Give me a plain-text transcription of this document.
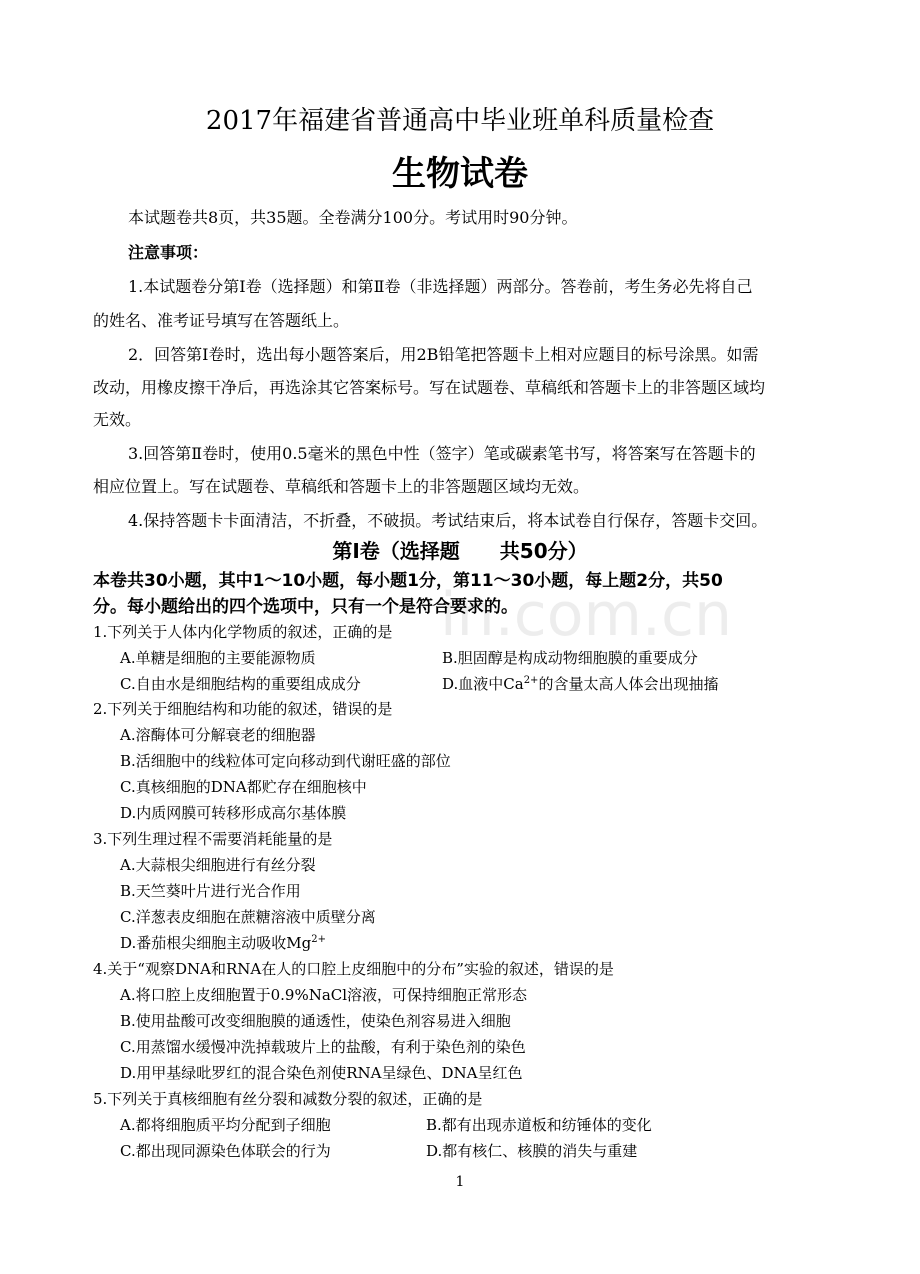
in.com.cn
2017年福建省普通高中毕业班单科质量检查
生物试卷
本试题卷共8页，共35题。全卷满分100分。考试用时90分钟。
注意事项：
1.本试题卷分第Ⅰ卷（选择题）和第Ⅱ卷（非选择题）两部分。答卷前，考生务必先将自己
的姓名、准考证号填写在答题纸上。
2．回答第Ⅰ卷时，选出每小题答案后，用2B铅笔把答题卡上相对应题目的标号涂黑。如需
改动，用橡皮擦干净后，再选涂其它答案标号。写在试题卷、草稿纸和答题卡上的非答题区域均
无效。
3.回答第Ⅱ卷时，使用0.5毫米的黑色中性（签字）笔或碳素笔书写，将答案写在答题卡的
相应位置上。写在试题卷、草稿纸和答题卡上的非答题题区域均无效。
4.保持答题卡卡面清洁，不折叠，不破损。考试结束后，将本试卷自行保存，答题卡交回。
第Ⅰ卷（选择题　　共50分）
本卷共30小题，其中1～10小题，每小题1分，第11～30小题，每上题2分，共50
分。每小题给出的四个选项中，只有一个是符合要求的。
1.下列关于人体内化学物质的叙述，正确的是
A.单糖是细胞的主要能源物质	B.胆固醇是构成动物细胞膜的重要成分
C.自由水是细胞结构的重要组成成分	D.血液中$Ca^{2+}$的含量太高人体会出现抽搐
2.下列关于细胞结构和功能的叙述，错误的是
A.溶酶体可分解衰老的细胞器
B.活细胞中的线粒体可定向移动到代谢旺盛的部位
C.真核细胞的DNA都贮存在细胞核中
D.内质网膜可转移形成高尔基体膜
3.下列生理过程不需要消耗能量的是
A.大蒜根尖细胞进行有丝分裂
B.天竺葵叶片进行光合作用
C.洋葱表皮细胞在蔗糖溶液中质壁分离
D.番茄根尖细胞主动吸收$Mg^{2+}$
4.关于“观察DNA和RNA在人的口腔上皮细胞中的分布”实验的叙述，错误的是
A.将口腔上皮细胞置于0.9%NaCl溶液，可保持细胞正常形态
B.使用盐酸可改变细胞膜的通透性，使染色剂容易进入细胞
C.用蒸馏水缓慢冲洗掉载玻片上的盐酸，有利于染色剂的染色
D.用甲基绿吡罗红的混合染色剂使RNA呈绿色、DNA呈红色
5.下列关于真核细胞有丝分裂和减数分裂的叙述，正确的是
A.都将细胞质平均分配到子细胞	B.都有出现赤道板和纺锤体的变化
C.都出现同源染色体联会的行为	D.都有核仁、核膜的消失与重建
1
